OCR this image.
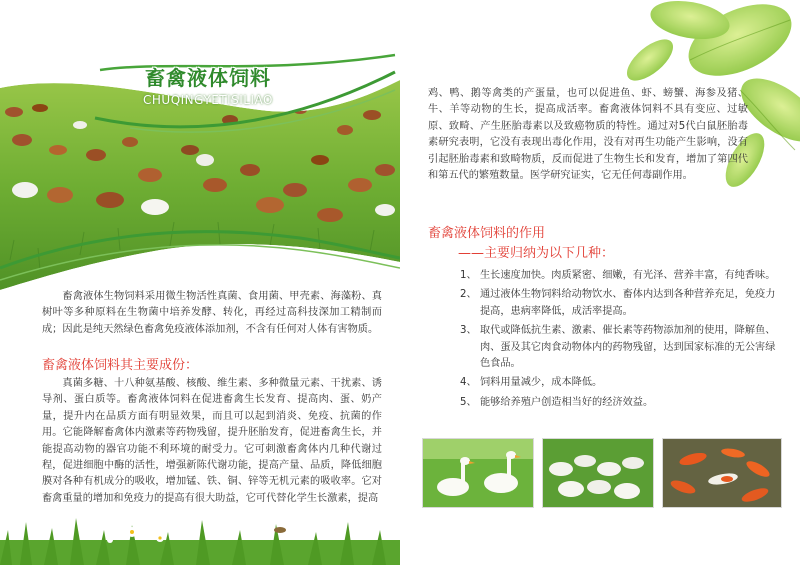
畜禽液体饲料
CHUQINGYETISILIAO
畜禽液体生物饲料采用微生物活性真菌、食用菌、甲壳素、海藻粉、真树叶等多种原料在生物菌中培养发酵、转化，再经过高科技深加工精制而成；因此是纯天然绿色畜禽免疫液体添加剂，不含有任何对人体有害物质。
畜禽液体饲料其主要成份：
真菌多糖、十八种氨基酸、核酸、维生素、多种微量元素、干扰素、诱导剂、蛋白质等。畜禽液体饲料在促进畜禽生长发育、提高肉、蛋、奶产量，提升内在品质方面有明显效果，而且可以起到消炎、免疫、抗菌的作用。它能降解畜禽体内激素等药物残留，提升胚胎发育，促进畜禽生长，并能提高动物的器官功能不利环境的耐受力。它可刺激畜禽体内几种代谢过程，促进细胞中酶的活性，增强新陈代谢功能，提高产量、品质，降低细胞膜对各种有机成分的吸收，增加锰、铁、铜、锌等无机元素的吸收率。它对畜禽重量的增加和免疫力的提高有很大助益，它可代替化学生长激素，提高
鸡、鸭、鹅等禽类的产蛋量，也可以促进鱼、虾、螃蟹、海参及猪、牛、羊等动物的生长，提高成活率。畜禽液体饲料不具有变应、过敏原、致畸、产生胚胎毒素以及致癌物质的特性。通过对5代白鼠胚胎毒素研究表明，它没有表现出毒化作用，没有对再生功能产生影响，没有引起胚胎毒素和致畸物质，反而促进了生物生长和发育，增加了第四代和第五代的繁殖数量。医学研究证实，它无任何毒副作用。
畜禽液体饲料的作用
——主要归纳为以下几种：
1、 生长速度加快。肉质紧密、细嫩，有光泽、营养丰富，有纯香味。
2、 通过液体生物饲料给动物饮水、畜体内达到各种营养充足，免疫力提高，患病率降低，成活率提高。
3、 取代或降低抗生素、激素、催长素等药物添加剂的使用，降解鱼、肉、蛋及其它肉食动物体内的药物残留，达到国家标准的无公害绿色食品。
4、 饲料用量减少，成本降低。
5、 能够给养殖户创造相当好的经济效益。
